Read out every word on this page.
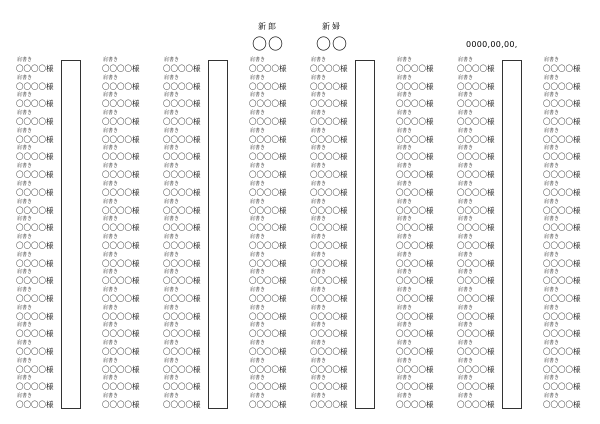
新郎
〇〇
新婦
〇〇	0000,00,00,
肩書き
〇〇〇〇様
肩書き
〇〇〇〇様
肩書き
〇〇〇〇様
肩書き
〇〇〇〇様
肩書き
〇〇〇〇様
肩書き
〇〇〇〇様
肩書き
〇〇〇〇様
肩書き
〇〇〇〇様
肩書き
〇〇〇〇様
肩書き
〇〇〇〇様
肩書き
〇〇〇〇様
肩書き
〇〇〇〇様
肩書き
〇〇〇〇様
肩書き
〇〇〇〇様
肩書き
〇〇〇〇様
肩書き
〇〇〇〇様
肩書き
〇〇〇〇様
肩書き
〇〇〇〇様
肩書き
〇〇〇〇様
肩書き
〇〇〇〇様
肩書き
〇〇〇〇様
肩書き
〇〇〇〇様
肩書き
〇〇〇〇様
肩書き
〇〇〇〇様
肩書き
〇〇〇〇様
肩書き
〇〇〇〇様
肩書き
〇〇〇〇様
肩書き
〇〇〇〇様
肩書き
〇〇〇〇様
肩書き
〇〇〇〇様
肩書き
〇〇〇〇様
肩書き
〇〇〇〇様
肩書き
〇〇〇〇様
肩書き
〇〇〇〇様
肩書き
〇〇〇〇様
肩書き
〇〇〇〇様
肩書き
〇〇〇〇様
肩書き
〇〇〇〇様
肩書き
〇〇〇〇様
肩書き
〇〇〇〇様
肩書き
〇〇〇〇様
肩書き
〇〇〇〇様
肩書き
〇〇〇〇様
肩書き
〇〇〇〇様
肩書き
〇〇〇〇様
肩書き
〇〇〇〇様
肩書き
〇〇〇〇様
肩書き
〇〇〇〇様
肩書き
〇〇〇〇様
肩書き
〇〇〇〇様
肩書き
〇〇〇〇様
肩書き
〇〇〇〇様
肩書き
〇〇〇〇様
肩書き
〇〇〇〇様
肩書き
〇〇〇〇様
肩書き
〇〇〇〇様
肩書き
〇〇〇〇様
肩書き
〇〇〇〇様
肩書き
〇〇〇〇様
肩書き
〇〇〇〇様
肩書き
〇〇〇〇様
肩書き
〇〇〇〇様
肩書き
〇〇〇〇様
肩書き
〇〇〇〇様
肩書き
〇〇〇〇様
肩書き
〇〇〇〇様
肩書き
〇〇〇〇様
肩書き
〇〇〇〇様
肩書き
〇〇〇〇様
肩書き
〇〇〇〇様
肩書き
〇〇〇〇様
肩書き
〇〇〇〇様
肩書き
〇〇〇〇様
肩書き
〇〇〇〇様
肩書き
〇〇〇〇様
肩書き
〇〇〇〇様
肩書き
〇〇〇〇様
肩書き
〇〇〇〇様
肩書き
〇〇〇〇様
肩書き
〇〇〇〇様
肩書き
〇〇〇〇様
肩書き
〇〇〇〇様
肩書き
〇〇〇〇様
肩書き
〇〇〇〇様
肩書き
〇〇〇〇様
肩書き
〇〇〇〇様
肩書き
〇〇〇〇様
肩書き
〇〇〇〇様
肩書き
〇〇〇〇様
肩書き
〇〇〇〇様
肩書き
〇〇〇〇様
肩書き
〇〇〇〇様
肩書き
〇〇〇〇様
肩書き
〇〇〇〇様
肩書き
〇〇〇〇様
肩書き
〇〇〇〇様
肩書き
〇〇〇〇様
肩書き
〇〇〇〇様
肩書き
〇〇〇〇様
肩書き
〇〇〇〇様
肩書き
〇〇〇〇様
肩書き
〇〇〇〇様
肩書き
〇〇〇〇様
肩書き
〇〇〇〇様
肩書き
〇〇〇〇様
肩書き
〇〇〇〇様
肩書き
〇〇〇〇様
肩書き
〇〇〇〇様
肩書き
〇〇〇〇様
肩書き
〇〇〇〇様
肩書き
〇〇〇〇様
肩書き
〇〇〇〇様
肩書き
〇〇〇〇様
肩書き
〇〇〇〇様
肩書き
〇〇〇〇様
肩書き
〇〇〇〇様
肩書き
〇〇〇〇様
肩書き
〇〇〇〇様
肩書き
〇〇〇〇様
肩書き
〇〇〇〇様
肩書き
〇〇〇〇様
肩書き
〇〇〇〇様
肩書き
〇〇〇〇様
肩書き
〇〇〇〇様
肩書き
〇〇〇〇様
肩書き
〇〇〇〇様
肩書き
〇〇〇〇様
肩書き
〇〇〇〇様
肩書き
〇〇〇〇様
肩書き
〇〇〇〇様
肩書き
〇〇〇〇様
肩書き
〇〇〇〇様
肩書き
〇〇〇〇様
肩書き
〇〇〇〇様
肩書き
〇〇〇〇様
肩書き
〇〇〇〇様
肩書き
〇〇〇〇様
肩書き
〇〇〇〇様
肩書き
〇〇〇〇様
肩書き
〇〇〇〇様
肩書き
〇〇〇〇様
肩書き
〇〇〇〇様
肩書き
〇〇〇〇様
肩書き
〇〇〇〇様
肩書き
〇〇〇〇様
肩書き
〇〇〇〇様
肩書き
〇〇〇〇様
肩書き
〇〇〇〇様
肩書き
〇〇〇〇様
肩書き
〇〇〇〇様
肩書き
〇〇〇〇様
肩書き
〇〇〇〇様
肩書き
〇〇〇〇様
肩書き
〇〇〇〇様
肩書き
〇〇〇〇様
肩書き
〇〇〇〇様
肩書き
〇〇〇〇様
肩書き
〇〇〇〇様
肩書き
〇〇〇〇様
肩書き
〇〇〇〇様
